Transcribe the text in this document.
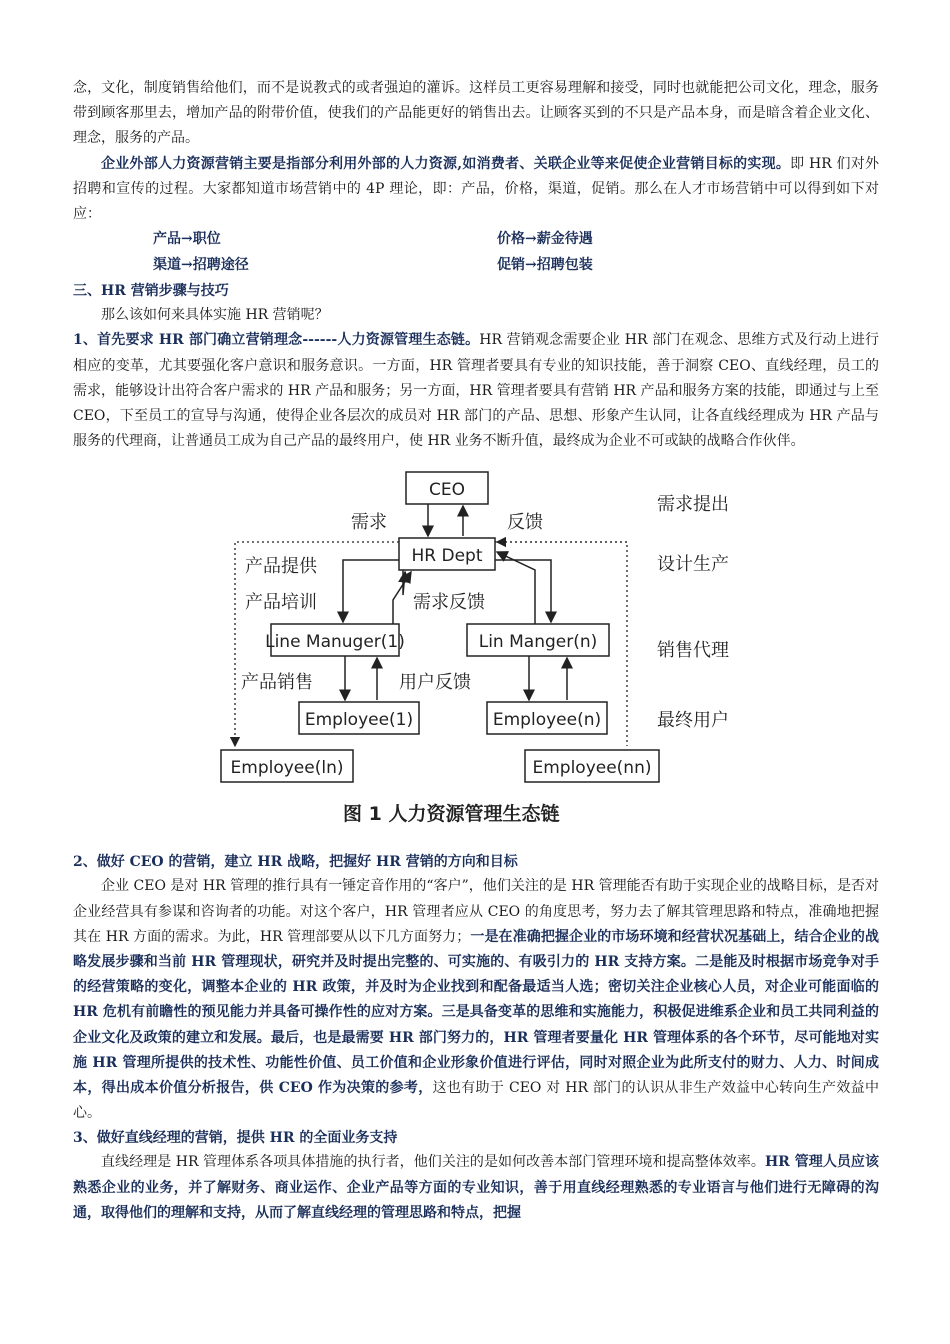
念，文化，制度销售给他们，而不是说教式的或者强迫的灌诉。这样员工更容易理解和接受，同时也就能把公司文化，理念，服务带到顾客那里去，增加产品的附带价值，使我们的产品能更好的销售出去。让顾客买到的不只是产品本身，而是暗含着企业文化、理念，服务的产品。

企业外部人力资源营销主要是指部分利用外部的人力资源,如消费者、关联企业等来促使企业营销目标的实现。即 HR 们对外招聘和宣传的过程。大家都知道市场营销中的 4P 理论，即：产品，价格，渠道，促销。那么在人才市场营销中可以得到如下对应：

产品→职位	价格→薪金待遇
渠道→招聘途径	促销→招聘包装

三、HR 营销步骤与技巧

那么该如何来具体实施 HR 营销呢？

1、首先要求 HR 部门确立营销理念------人力资源管理生态链。HR 营销观念需要企业 HR 部门在观念、思维方式及行动上进行相应的变革，尤其要强化客户意识和服务意识。一方面，HR 管理者要具有专业的知识技能，善于洞察 CEO、直线经理，员工的需求，能够设计出符合客户需求的 HR 产品和服务；另一方面，HR 管理者要具有营销 HR 产品和服务方案的技能，即通过与上至 CEO，下至员工的宣导与沟通，使得企业各层次的成员对 HR 部门的产品、思想、形象产生认同，让各直线经理成为 HR 产品与服务的代理商，让普通员工成为自己产品的最终用户，使 HR 业务不断升值，最终成为企业不可或缺的战略合作伙伴。

CEO
HR Dept
Line Manuger(1)	Lin Manger(n)
Employee(1)	Employee(n)
Employee(ln)	Employee(nn)
需求	反馈
产品提供
产品培训	需求反馈
产品销售	用户反馈
需求提出
设计生产
销售代理
最终用户
图 1 人力资源管理生态链

2、做好 CEO 的营销，建立 HR 战略，把握好 HR 营销的方向和目标

企业 CEO 是对 HR 管理的推行具有一锤定音作用的“客户”，他们关注的是 HR 管理能否有助于实现企业的战略目标，是否对企业经营具有参谋和咨询者的功能。对这个客户，HR 管理者应从 CEO 的角度思考，努力去了解其管理思路和特点，准确地把握其在 HR 方面的需求。为此，HR 管理部要从以下几方面努力；一是在准确把握企业的市场环境和经营状况基础上，结合企业的战略发展步骤和当前 HR 管理现状，研究并及时提出完整的、可实施的、有吸引力的 HR 支持方案。二是能及时根据市场竞争对手的经营策略的变化，调整本企业的 HR 政策，并及时为企业找到和配备最适当人选；密切关注企业核心人员，对企业可能面临的 HR 危机有前瞻性的预见能力并具备可操作性的应对方案。三是具备变革的思维和实施能力，积极促进维系企业和员工共同利益的企业文化及政策的建立和发展。最后，也是最需要 HR 部门努力的，HR 管理者要量化 HR 管理体系的各个环节，尽可能地对实施 HR 管理所提供的技术性、功能性价值、员工价值和企业形象价值进行评估，同时对照企业为此所支付的财力、人力、时间成本，得出成本价值分析报告，供 CEO 作为决策的参考，这也有助于 CEO 对 HR 部门的认识从非生产效益中心转向生产效益中心。

3、做好直线经理的营销，提供 HR 的全面业务支持

直线经理是 HR 管理体系各项具体措施的执行者，他们关注的是如何改善本部门管理环境和提高整体效率。HR 管理人员应该熟悉企业的业务，并了解财务、商业运作、企业产品等方面的专业知识，善于用直线经理熟悉的专业语言与他们进行无障碍的沟通，取得他们的理解和支持，从而了解直线经理的管理思路和特点，把握
